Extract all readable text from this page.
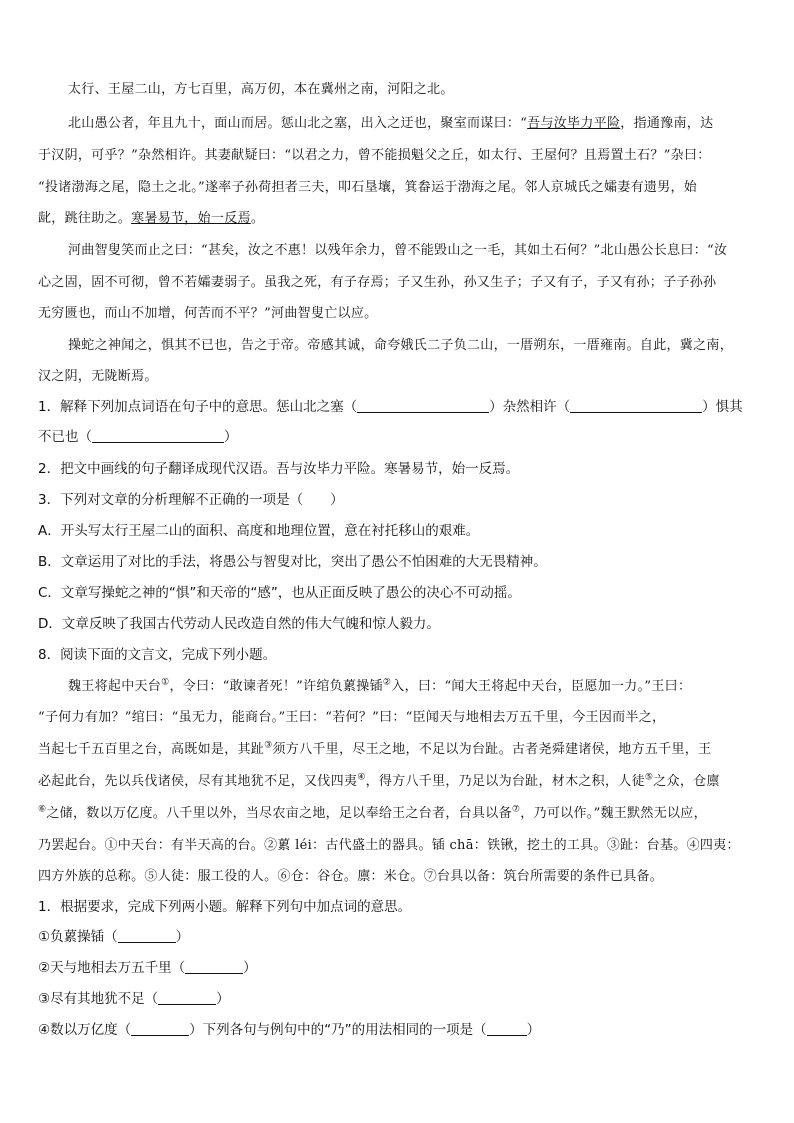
太行、王屋二山，方七百里，高万仞，本在冀州之南，河阳之北。
北山愚公者，年且九十，面山而居。惩山北之塞，出入之迂也，聚室而谋曰：“吾与汝毕力平险，指通豫南，达
于汉阴，可乎？”杂然相许。其妻献疑曰：“以君之力，曾不能损魁父之丘，如太行、王屋何？且焉置土石？”杂曰：
“投诸渤海之尾，隐土之北。”遂率子孙荷担者三夫，叩石垦壤，箕畚运于渤海之尾。邻人京城氏之孀妻有遗男，始
龀，跳往助之。寒暑易节，始一反焉。
河曲智叟笑而止之曰：“甚矣，汝之不惠！以残年余力，曾不能毁山之一毛，其如土石何？”北山愚公长息曰：“汝
心之固，固不可彻，曾不若孀妻弱子。虽我之死，有子存焉；子又生孙，孙又生子；子又有子，子又有孙；子子孙孙
无穷匮也，而山不加增，何苦而不平？”河曲智叟亡以应。
操蛇之神闻之，惧其不已也，告之于帝。帝感其诚，命夸娥氏二子负二山，一厝朔东，一厝雍南。自此，冀之南，
汉之阴，无陇断焉。
1．解释下列加点词语在句子中的意思。惩山北之塞（	）杂然相许（	）惧其
不已也（	）
2．把文中画线的句子翻译成现代汉语。吾与汝毕力平险。寒暑易节，始一反焉。
3．下列对文章的分析理解不正确的一项是（　　）
A．开头写太行王屋二山的面积、高度和地理位置，意在衬托移山的艰难。
B．文章运用了对比的手法，将愚公与智叟对比，突出了愚公不怕困难的大无畏精神。
C．文章写操蛇之神的“惧”和天帝的“感”，也从正面反映了愚公的决心不可动摇。
D．文章反映了我国古代劳动人民改造自然的伟大气魄和惊人毅力。
8．阅读下面的文言文，完成下列小题。
魏王将起中天台①，令曰：“敢谏者死！”许绾负蔂操锸②入，曰：“闻大王将起中天台，臣愿加一力。”王曰：
“子何力有加？”绾曰：“虽无力，能商台。”王曰：“若何？”曰：“臣闻天与地相去万五千里，今王因而半之，
当起七千五百里之台，高既如是，其趾③须方八千里，尽王之地，不足以为台趾。古者尧舜建诸侯，地方五千里，王
必起此台，先以兵伐诸侯，尽有其地犹不足，又伐四夷④，得方八千里，乃足以为台趾，材木之积，人徒⑤之众，仓廪
⑥之储，数以万亿度。八千里以外，当尽农亩之地，足以奉给王之台者，台具以备⑦，乃可以作。”魏王默然无以应，
乃罢起台。①中天台：有半天高的台。②蔂 léi：古代盛土的器具。锸 chā：铁锹，挖土的工具。③趾：台基。④四夷：
四方外族的总称。⑤人徒：服工役的人。⑥仓：谷仓。廪：米仓。⑦台具以备：筑台所需要的条件已具备。
1．根据要求，完成下列两小题。解释下列句中加点词的意思。
①负蔂操锸（	）
②天与地相去万五千里（	）
③尽有其地犹不足（	）
④数以万亿度（	）下列各句与例句中的“乃”的用法相同的一项是（	）
